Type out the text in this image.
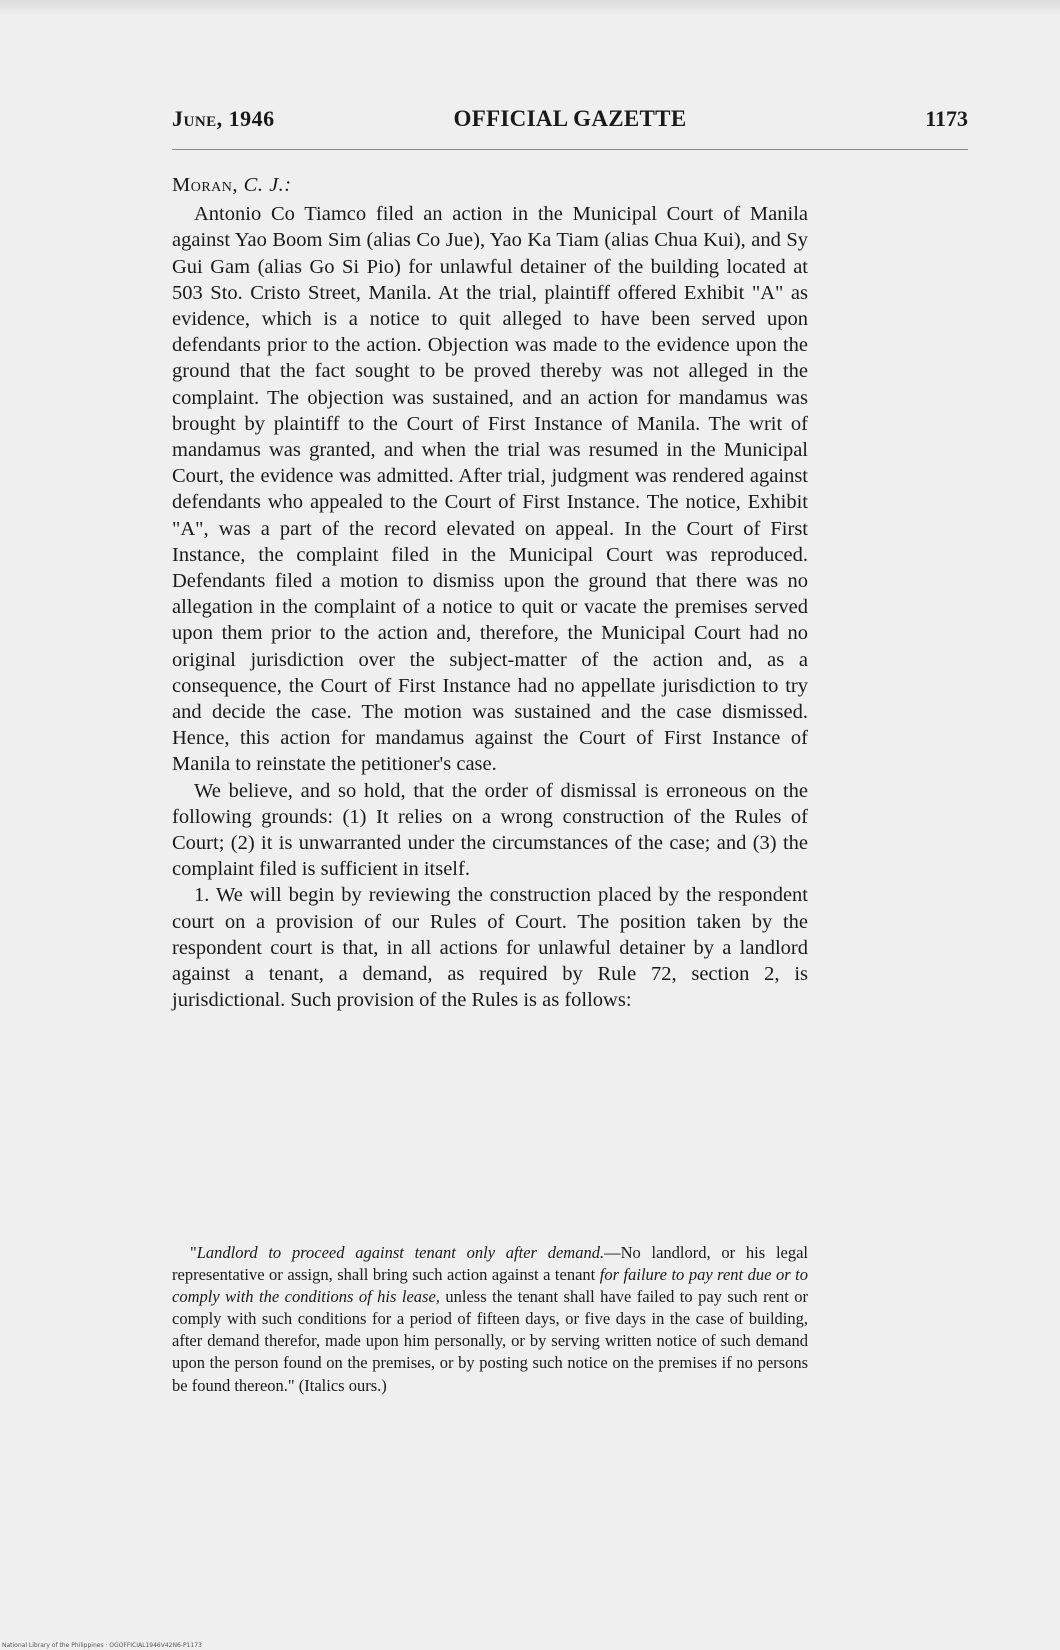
June, 1946	OFFICIAL GAZETTE	1173

Moran, C. J.:

Antonio Co Tiamco filed an action in the Municipal Court of Manila against Yao Boom Sim (alias Co Jue), Yao Ka Tiam (alias Chua Kui), and Sy Gui Gam (alias Go Si Pio) for unlawful detainer of the building located at 503 Sto. Cristo Street, Manila. At the trial, plaintiff offered Exhibit "A" as evidence, which is a notice to quit alleged to have been served upon defendants prior to the action. Objection was made to the evidence upon the ground that the fact sought to be proved thereby was not alleged in the complaint. The objection was sustained, and an action for mandamus was brought by plaintiff to the Court of First Instance of Manila. The writ of mandamus was granted, and when the trial was resumed in the Municipal Court, the evidence was admitted. After trial, judgment was rendered against defendants who appealed to the Court of First Instance. The notice, Exhibit "A", was a part of the record elevated on appeal. In the Court of First Instance, the complaint filed in the Municipal Court was reproduced. Defendants filed a motion to dismiss upon the ground that there was no allegation in the complaint of a notice to quit or vacate the premises served upon them prior to the action and, therefore, the Municipal Court had no original jurisdiction over the subject-matter of the action and, as a consequence, the Court of First Instance had no appellate jurisdiction to try and decide the case. The motion was sustained and the case dismissed. Hence, this action for mandamus against the Court of First Instance of Manila to reinstate the petitioner's case.

We believe, and so hold, that the order of dismissal is erroneous on the following grounds: (1) It relies on a wrong construction of the Rules of Court; (2) it is unwarranted under the circumstances of the case; and (3) the complaint filed is sufficient in itself.

1. We will begin by reviewing the construction placed by the respondent court on a provision of our Rules of Court. The position taken by the respondent court is that, in all actions for unlawful detainer by a landlord against a tenant, a demand, as required by Rule 72, section 2, is jurisdictional. Such provision of the Rules is as follows:

"Landlord to proceed against tenant only after demand.—No landlord, or his legal representative or assign, shall bring such action against a tenant for failure to pay rent due or to comply with the conditions of his lease, unless the tenant shall have failed to pay such rent or comply with such conditions for a period of fifteen days, or five days in the case of building, after demand therefor, made upon him personally, or by serving written notice of such demand upon the person found on the premises, or by posting such notice on the premises if no persons be found thereon." (Italics ours.)

National Library of the Philippines · OGOFFICIAL1946V42N6-P1173
